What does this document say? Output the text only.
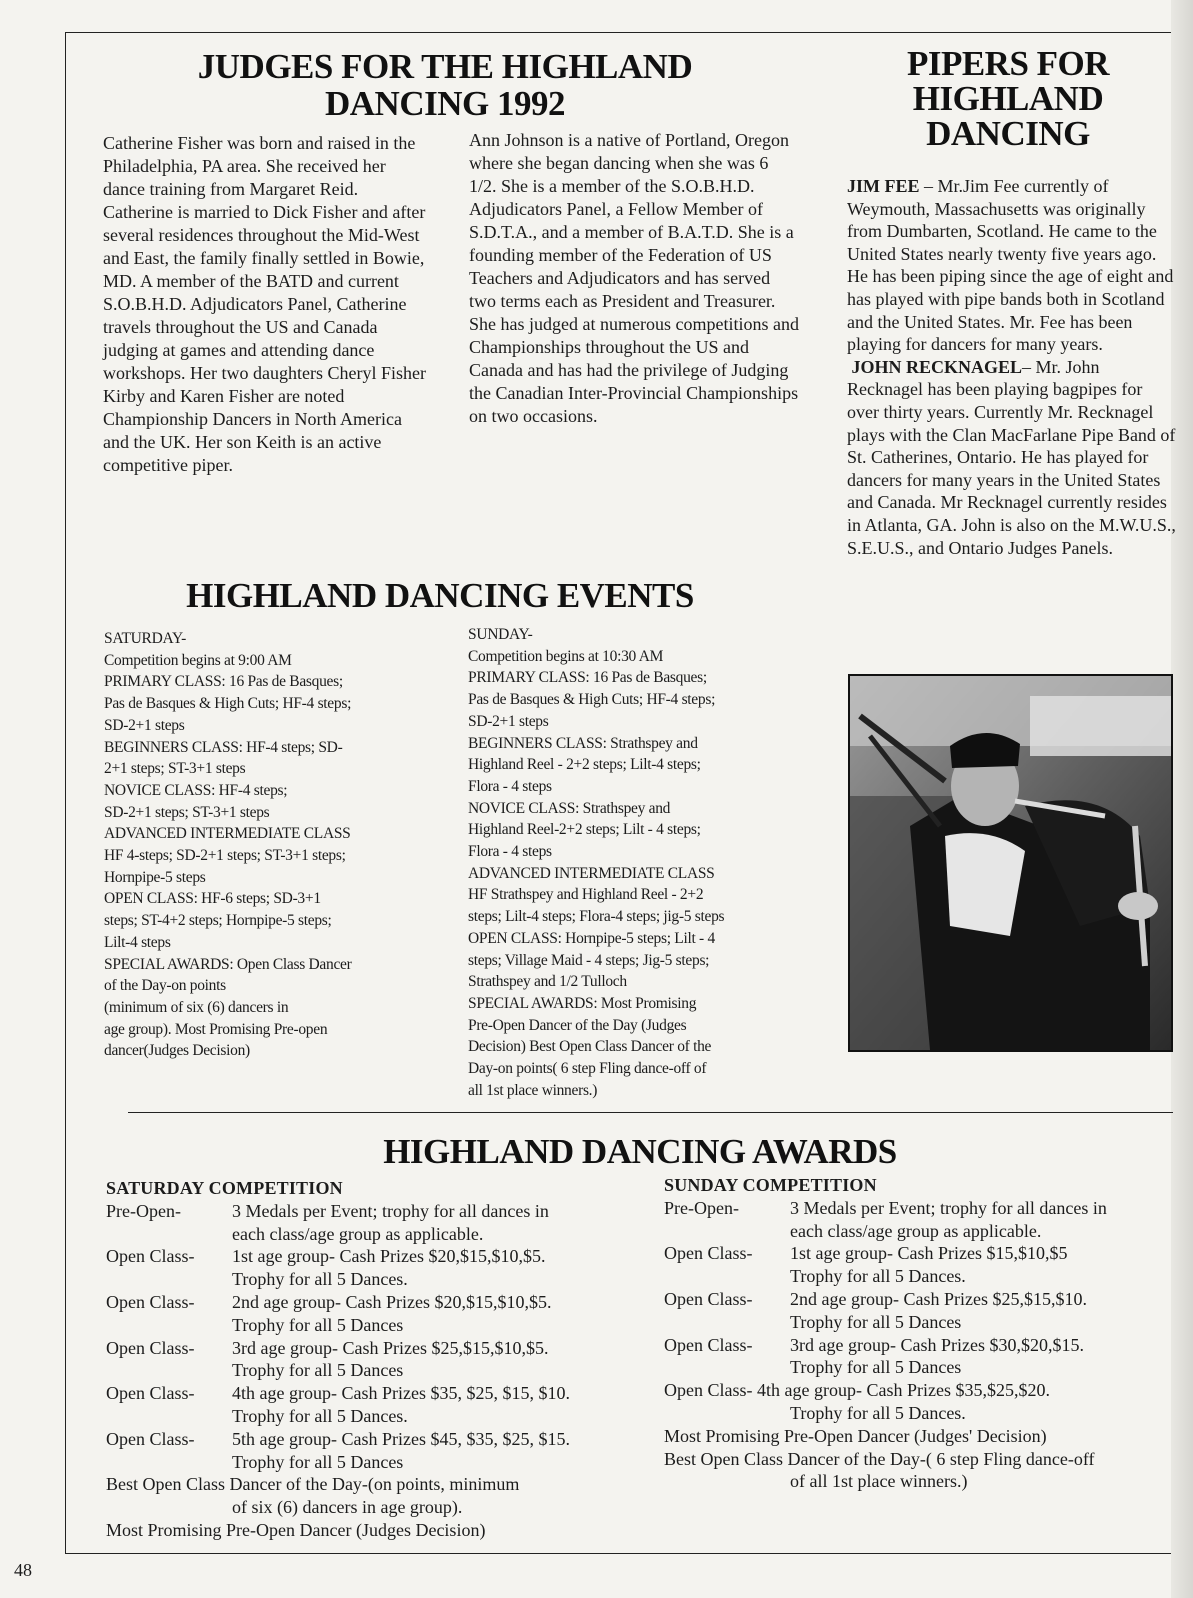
JUDGES FOR THE HIGHLAND DANCING 1992

Catherine Fisher was born and raised in the Philadelphia, PA area. She received her dance training from Margaret Reid. Catherine is married to Dick Fisher and after several residences throughout the Mid-West and East, the family finally settled in Bowie, MD. A member of the BATD and current S.O.B.H.D. Adjudicators Panel, Catherine travels throughout the US and Canada judging at games and attending dance workshops. Her two daughters Cheryl Fisher Kirby and Karen Fisher are noted Championship Dancers in North America and the UK. Her son Keith is an active competitive piper.

Ann Johnson is a native of Portland, Oregon where she began dancing when she was 6 1/2. She is a member of the S.O.B.H.D. Adjudicators Panel, a Fellow Member of S.D.T.A., and a member of B.A.T.D. She is a founding member of the Federation of US Teachers and Adjudicators and has served two terms each as President and Treasurer. She has judged at numerous competitions and Championships throughout the US and Canada and has had the privilege of Judging the Canadian Inter-Provincial Championships on two occasions.

PIPERS FOR HIGHLAND DANCING

JIM FEE – Mr.Jim Fee currently of Weymouth, Massachusetts was originally from Dumbarten, Scotland. He came to the United States nearly twenty five years ago. He has been piping since the age of eight and has played with pipe bands both in Scotland and the United States. Mr. Fee has been playing for dancers for many years.

JOHN RECKNAGEL– Mr. John Recknagel has been playing bagpipes for over thirty years. Currently Mr. Recknagel plays with the Clan MacFarlane Pipe Band of St. Catherines, Ontario. He has played for dancers for many years in the United States and Canada. Mr Recknagel currently resides in Atlanta, GA. John is also on the M.W.U.S., S.E.U.S., and Ontario Judges Panels.

HIGHLAND DANCING EVENTS
SATURDAY-
Competition begins at 9:00 AM
PRIMARY CLASS: 16 Pas de Basques;
Pas de Basques & High Cuts; HF-4 steps;
SD-2+1 steps
BEGINNERS CLASS: HF-4 steps; SD-
2+1 steps; ST-3+1 steps
NOVICE CLASS: HF-4 steps;
SD-2+1 steps; ST-3+1 steps
ADVANCED INTERMEDIATE CLASS
HF 4-steps; SD-2+1 steps; ST-3+1 steps;
Hornpipe-5 steps
OPEN CLASS: HF-6 steps; SD-3+1
steps; ST-4+2 steps; Hornpipe-5 steps;
Lilt-4 steps
SPECIAL AWARDS: Open Class Dancer
of the Day-on points
(minimum of six (6) dancers in
age group). Most Promising Pre-open
dancer(Judges Decision)
SUNDAY-
Competition begins at 10:30 AM
PRIMARY CLASS: 16 Pas de Basques;
Pas de Basques & High Cuts; HF-4 steps;
SD-2+1 steps
BEGINNERS CLASS: Strathspey and
Highland Reel - 2+2 steps; Lilt-4 steps;
Flora - 4 steps
NOVICE CLASS: Strathspey and
Highland Reel-2+2 steps; Lilt - 4 steps;
Flora - 4 steps
ADVANCED INTERMEDIATE CLASS
HF Strathspey and Highland Reel - 2+2
steps; Lilt-4 steps; Flora-4 steps; jig-5 steps
OPEN CLASS: Hornpipe-5 steps; Lilt - 4
steps; Village Maid - 4 steps; Jig-5 steps;
Strathspey and 1/2 Tulloch
SPECIAL AWARDS: Most Promising
Pre-Open Dancer of the Day (Judges
Decision) Best Open Class Dancer of the
Day-on points( 6 step Fling dance-off of
all 1st place winners.)
HIGHLAND DANCING AWARDS
SATURDAY COMPETITION
Pre-Open-	3 Medals per Event; trophy for all dances in
each class/age group as applicable.
Open Class- 1st age group- Cash Prizes $20,$15,$10,$5.
Trophy for all 5 Dances.
Open Class- 2nd age group- Cash Prizes $20,$15,$10,$5.
Trophy for all 5 Dances
Open Class- 3rd age group- Cash Prizes $25,$15,$10,$5.
Trophy for all 5 Dances
Open Class- 4th age group- Cash Prizes $35, $25, $15, $10.
Trophy for all 5 Dances.
Open Class- 5th age group- Cash Prizes $45, $35, $25, $15.
Trophy for all 5 Dances
Best Open Class Dancer of the Day-(on points, minimum
of six (6) dancers in age group).
Most Promising Pre-Open Dancer (Judges Decision)
SUNDAY COMPETITION
Pre-Open-	3 Medals per Event; trophy for all dances in
each class/age group as applicable.
Open Class- 1st age group- Cash Prizes $15,$10,$5
Trophy for all 5 Dances.
Open Class- 2nd age group- Cash Prizes $25,$15,$10.
Trophy for all 5 Dances
Open Class- 3rd age group- Cash Prizes $30,$20,$15.
Trophy for all 5 Dances
Open Class- 4th age group- Cash Prizes $35,$25,$20.
Trophy for all 5 Dances.
Most Promising Pre-Open Dancer (Judges' Decision)
Best Open Class Dancer of the Day-( 6 step Fling dance-off
of all 1st place winners.)
48
